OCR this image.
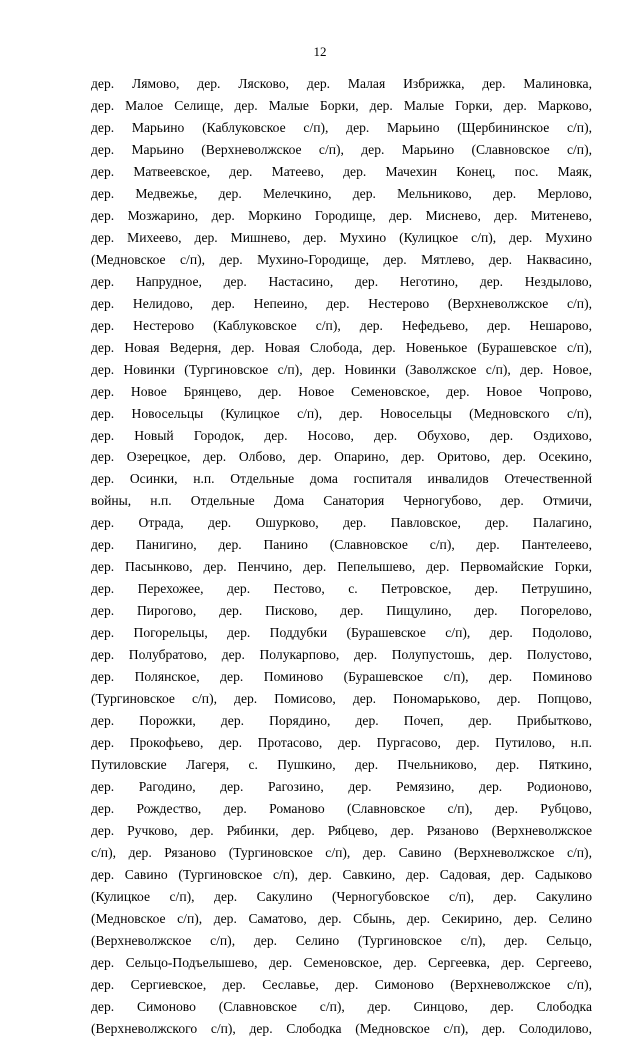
12
дер. Лямово, дер. Лясково, дер. Малая Избрижка, дер. Малиновка,
дер. Малое Селище, дер. Малые Борки, дер. Малые Горки, дер. Марково,
дер. Марьино (Каблуковское с/п), дер. Марьино (Щербининское с/п),
дер. Марьино (Верхневолжское с/п), дер. Марьино (Славновское с/п),
дер. Матвеевское, дер. Матеево, дер. Мачехин Конец, пос. Маяк,
дер. Медвежье, дер. Мелечкино, дер. Мельниково, дер. Мерлово,
дер. Мозжарино, дер. Моркино Городище, дер. Миснево, дер. Митенево,
дер. Михеево, дер. Мишнево, дер. Мухино (Кулицкое с/п), дер. Мухино
(Медновское с/п), дер. Мухино-Городище, дер. Мятлево, дер. Наквасино,
дер. Напрудное, дер. Настасино, дер. Неготино, дер. Нездылово,
дер. Нелидово, дер. Непеино, дер. Нестерово (Верхневолжское с/п),
дер. Нестерово (Каблуковское с/п), дер. Нефедьево, дер. Нешарово,
дер. Новая Ведерня, дер. Новая Слобода, дер. Новенькое (Бурашевское с/п),
дер. Новинки (Тургиновское с/п), дер. Новинки (Заволжское с/п), дер. Новое,
дер. Новое Брянцево, дер. Новое Семеновское, дер. Новое Чопрово,
дер. Новосельцы (Кулицкое с/п), дер. Новосельцы (Медновского с/п),
дер. Новый Городок, дер. Носово, дер. Обухово, дер. Оздихово,
дер. Озерецкое, дер. Олбово, дер. Опарино, дер. Оритово, дер. Осекино,
дер. Осинки, н.п. Отдельные дома госпиталя инвалидов Отечественной
войны, н.п. Отдельные Дома Санатория Черногубово, дер. Отмичи,
дер. Отрада, дер. Ошурково, дер. Павловское, дер. Палагино,
дер. Панигино, дер. Панино (Славновское с/п), дер. Пантелеево,
дер. Пасынково, дер. Пенчино, дер. Пепелышево, дер. Первомайские Горки,
дер. Перехожее, дер. Пестово, с. Петровское, дер. Петрушино,
дер. Пирогово, дер. Писково, дер. Пищулино, дер. Погорелово,
дер. Погорельцы, дер. Поддубки (Бурашевское с/п), дер. Подолово,
дер. Полубратово, дер. Полукарпово, дер. Полупустошь, дер. Полустово,
дер. Полянское, дер. Поминово (Бурашевское с/п), дер. Поминово
(Тургиновское с/п), дер. Помисово, дер. Пономарьково, дер. Попцово,
дер. Порожки, дер. Порядино, дер. Почеп, дер. Прибытково,
дер. Прокофьево, дер. Протасово, дер. Пургасово, дер. Путилово, н.п.
Путиловские Лагеря, с. Пушкино, дер. Пчельниково, дер. Пяткино,
дер. Рагодино, дер. Рагозино, дер. Ремязино, дер. Родионово,
дер. Рождество, дер. Романово (Славновское с/п), дер. Рубцово,
дер. Ручково, дер. Рябинки, дер. Рябцево, дер. Рязаново (Верхневолжское
с/п), дер. Рязаново (Тургиновское с/п), дер. Савино (Верхневолжское с/п),
дер. Савино (Тургиновское с/п), дер. Савкино, дер. Садовая, дер. Садыково
(Кулицкое с/п), дер. Сакулино (Черногубовское с/п), дер. Сакулино
(Медновское с/п), дер. Саматово, дер. Сбынь, дер. Секирино, дер. Селино
(Верхневолжское с/п), дер. Селино (Тургиновское с/п), дер. Сельцо,
дер. Сельцо-Подъелышево, дер. Семеновское, дер. Сергеевка, дер. Сергеево,
дер. Сергиевское, дер. Сеславье, дер. Симоново (Верхневолжское с/п),
дер. Симоново (Славновское с/п), дер. Синцово, дер. Слободка
(Верхневолжского с/п), дер. Слободка (Медновское с/п), дер. Солодилово,
